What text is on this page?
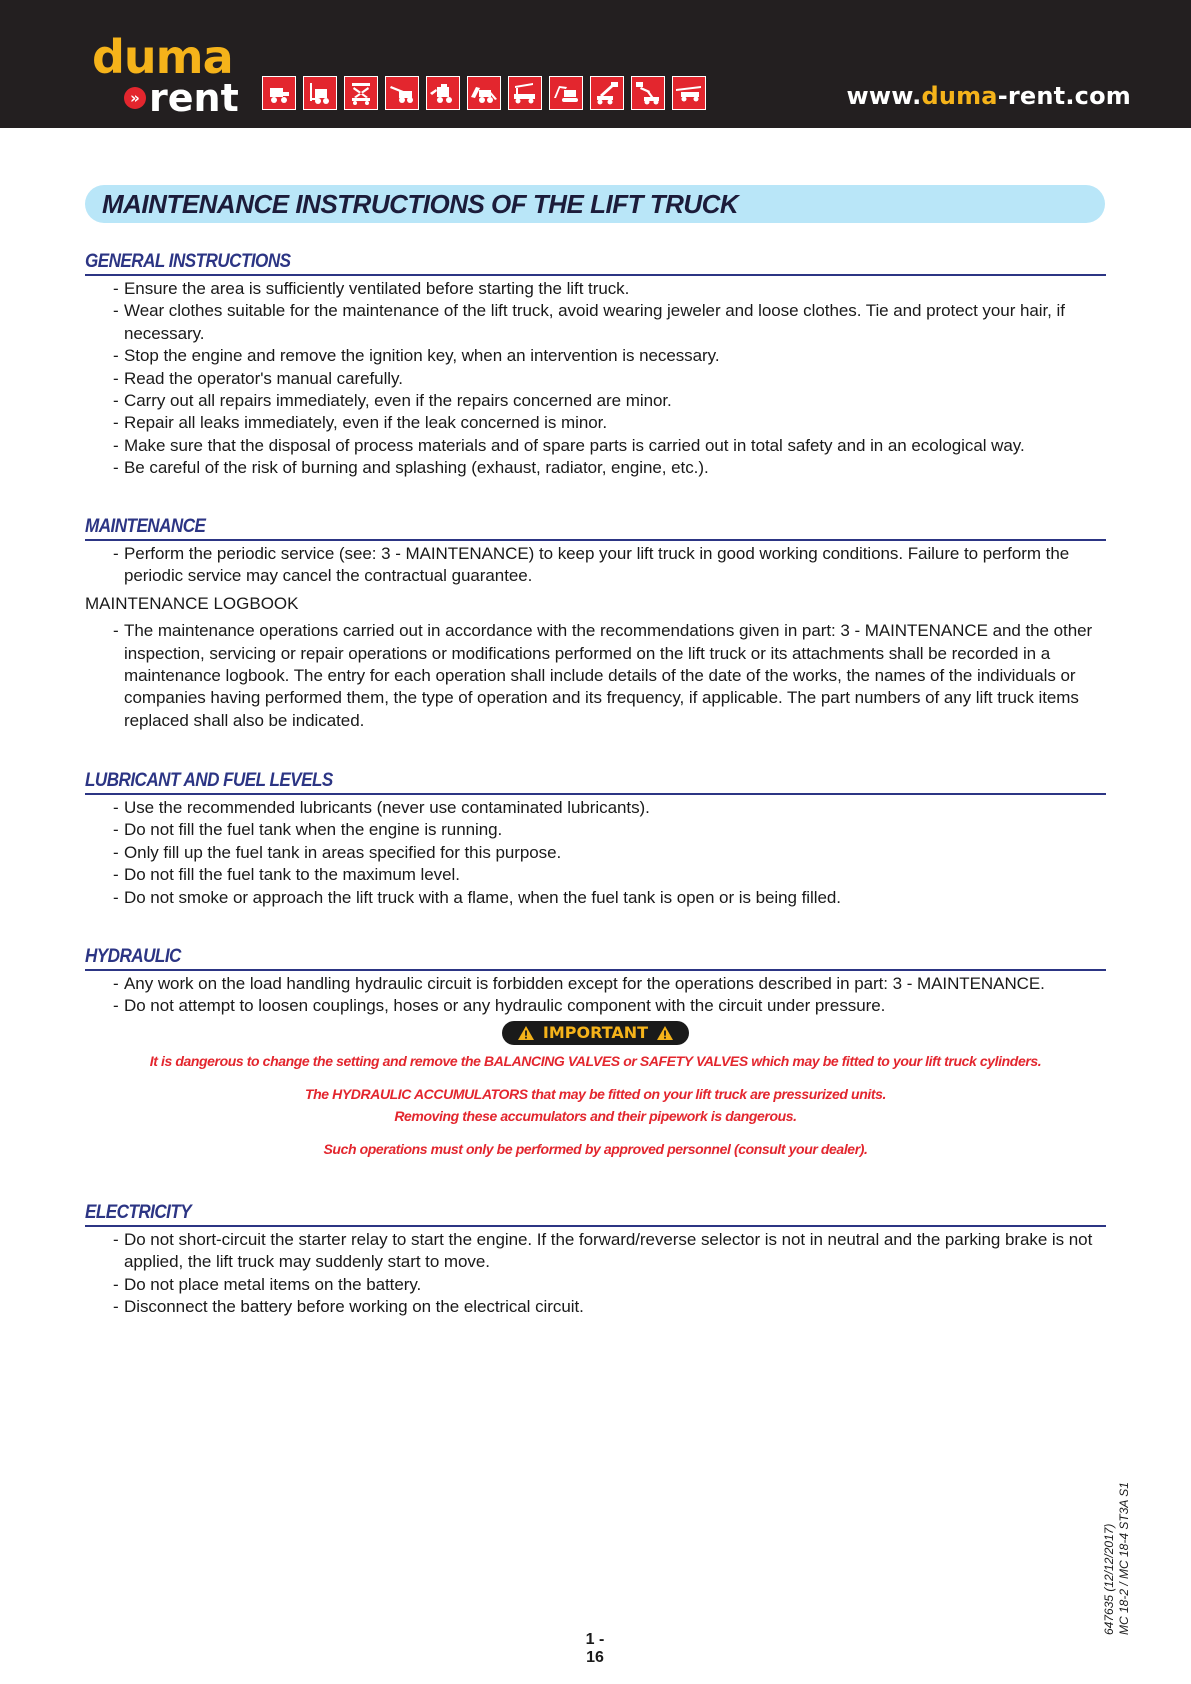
duma
» rent	www.duma-rent.com
MAINTENANCE INSTRUCTIONS OF THE LIFT TRUCK
GENERAL INSTRUCTIONS
- Ensure the area is sufficiently ventilated before starting the lift truck.
- Wear clothes suitable for the maintenance of the lift truck, avoid wearing jeweler and loose clothes. Tie and protect your hair, if necessary.
- Stop the engine and remove the ignition key, when an intervention is necessary.
- Read the operator's manual carefully.
- Carry out all repairs immediately, even if the repairs concerned are minor.
- Repair all leaks immediately, even if the leak concerned is minor.
- Make sure that the disposal of process materials and of spare parts is carried out in total safety and in an ecological way.
- Be careful of the risk of burning and splashing (exhaust, radiator, engine, etc.).
MAINTENANCE
- Perform the periodic service (see: 3 - MAINTENANCE) to keep your lift truck in good working conditions. Failure to perform the periodic service may cancel the contractual guarantee.
MAINTENANCE LOGBOOK
- The maintenance operations carried out in accordance with the recommendations given in part: 3 - MAINTENANCE and the other inspection, servicing or repair operations or modifications performed on the lift truck or its attachments shall be recorded in a maintenance logbook. The entry for each operation shall include details of the date of the works, the names of the individuals or companies having performed them, the type of operation and its frequency, if applicable. The part numbers of any lift truck items replaced shall also be indicated.
LUBRICANT AND FUEL LEVELS
- Use the recommended lubricants (never use contaminated lubricants).
- Do not fill the fuel tank when the engine is running.
- Only fill up the fuel tank in areas specified for this purpose.
- Do not fill the fuel tank to the maximum level.
- Do not smoke or approach the lift truck with a flame, when the fuel tank is open or is being filled.
HYDRAULIC
- Any work on the load handling hydraulic circuit is forbidden except for the operations described in part: 3 - MAINTENANCE.
- Do not attempt to loosen couplings, hoses or any hydraulic component with the circuit under pressure.
IMPORTANT
It is dangerous to change the setting and remove the BALANCING VALVES or SAFETY VALVES which may be fitted to your lift truck cylinders.
The HYDRAULIC ACCUMULATORS that may be fitted on your lift truck are pressurized units.
Removing these accumulators and their pipework is dangerous.
Such operations must only be performed by approved personnel (consult your dealer).
ELECTRICITY
- Do not short-circuit the starter relay to start the engine. If the forward/reverse selector is not in neutral and the parking brake is not applied, the lift truck may suddenly start to move.
- Do not place metal items on the battery.
- Disconnect the battery before working on the electrical circuit.
1 - 16
647635 (12/12/2017) MC 18-2 / MC 18-4 ST3A S1
